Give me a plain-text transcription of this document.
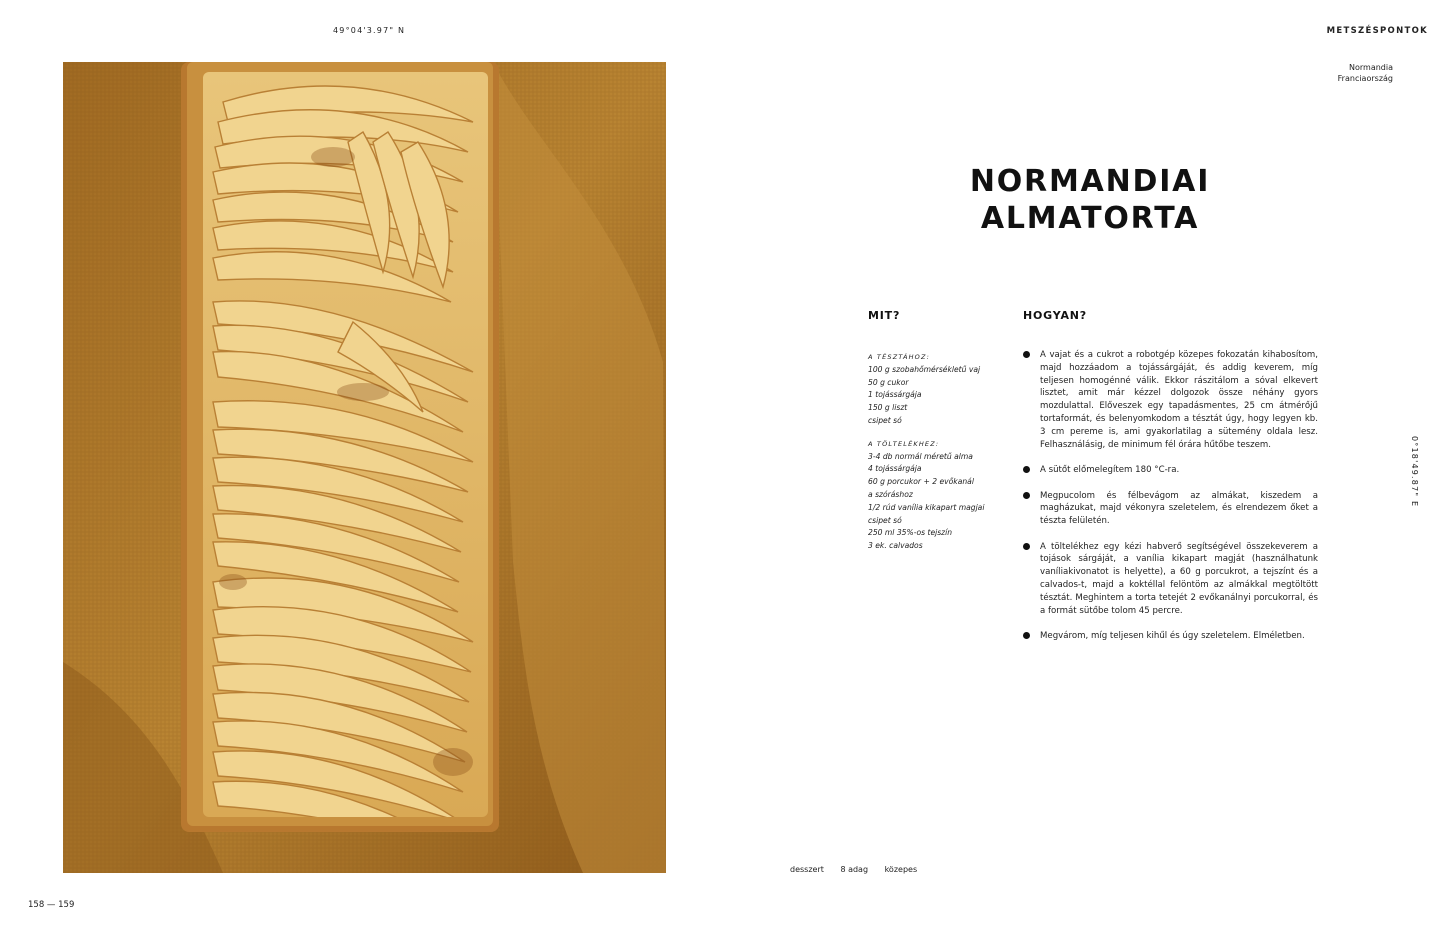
49°04'3.97" N	METSZÉSPONTOK
Normandia
Franciaország
0°18'49.87" E
NORMANDIAI
ALMATORTA
MIT?	HOGYAN?
A TÉSZTÁHOZ:
100 g szobahőmérsékletű vaj
50 g cukor
1 tojássárgája
150 g liszt
csipet só
A TÖLTELÉKHEZ:
3-4 db normál méretű alma
4 tojássárgája
60 g porcukor + 2 evőkanál
a szóráshoz
1/2 rúd vanília kikapart magjai
csipet só
250 ml 35%-os tejszín
3 ek. calvados
A vajat és a cukrot a robotgép közepes fokozatán kihabosítom, majd hozzáadom a tojássárgáját, és addig keverem, míg teljesen homogénné válik. Ekkor rászitálom a sóval elkevert lisztet, amit már kézzel dolgozok össze néhány gyors mozdulattal. Előveszek egy tapadásmentes, 25 cm átmérőjű tortaformát, és belenyomkodom a tésztát úgy, hogy legyen kb. 3 cm pereme is, ami gyakorlatilag a sütemény oldala lesz. Felhasználásig, de minimum fél órára hűtőbe teszem.
A sütőt előmelegítem 180 °C-ra.
Megpucolom és félbevágom az almákat, kiszedem a magházukat, majd vékonyra szeletelem, és elrendezem őket a tészta felületén.
A töltelékhez egy kézi habverő segítségével összekeverem a tojások sárgáját, a vanília kikapart magját (használhatunk vaníliakivonatot is helyette), a 60 g porcukrot, a tejszínt és a calvados-t, majd a koktéllal felöntöm az almákkal megtöltött tésztát. Meghintem a torta tetejét 2 evőkanálnyi porcukorral, és a formát sütőbe tolom 45 percre.
Megvárom, míg teljesen kihűl és úgy szeletelem. Elméletben.
desszert 8 adag közepes
158 — 159
